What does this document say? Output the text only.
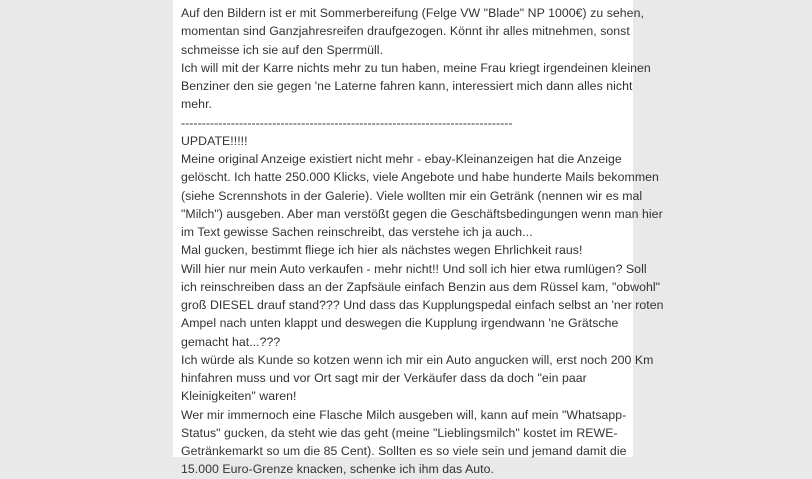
Auf den Bildern ist er mit Sommerbereifung (Felge VW "Blade" NP 1000€) zu sehen,
momentan sind Ganzjahresreifen draufgezogen. Könnt ihr alles mitnehmen, sonst
schmeisse ich sie auf den Sperrmüll.
Ich will mit der Karre nichts mehr zu tun haben, meine Frau kriegt irgendeinen kleinen
Benziner den sie gegen 'ne Laterne fahren kann, interessiert mich dann alles nicht
mehr.
--------------------------------------------------------------------------------
UPDATE!!!!!
Meine original Anzeige existiert nicht mehr - ebay-Kleinanzeigen hat die Anzeige
gelöscht. Ich hatte 250.000 Klicks, viele Angebote und habe hunderte Mails bekommen
(siehe Scrennshots in der Galerie). Viele wollten mir ein Getränk (nennen wir es mal
"Milch") ausgeben. Aber man verstößt gegen die Geschäftsbedingungen wenn man hier
im Text gewisse Sachen reinschreibt, das verstehe ich ja auch...
Mal gucken, bestimmt fliege ich hier als nächstes wegen Ehrlichkeit raus!
Will hier nur mein Auto verkaufen - mehr nicht!! Und soll ich hier etwa rumlügen? Soll
ich reinschreiben dass an der Zapfsäule einfach Benzin aus dem Rüssel kam, "obwohl"
groß DIESEL drauf stand??? Und dass das Kupplungspedal einfach selbst an 'ner roten
Ampel nach unten klappt und deswegen die Kupplung irgendwann 'ne Grätsche
gemacht hat...???
Ich würde als Kunde so kotzen wenn ich mir ein Auto angucken will, erst noch 200 Km
hinfahren muss und vor Ort sagt mir der Verkäufer dass da doch "ein paar
Kleinigkeiten" waren!
Wer mir immernoch eine Flasche Milch ausgeben will, kann auf mein "Whatsapp-
Status" gucken, da steht wie das geht (meine "Lieblingsmilch" kostet im REWE-
Getränkemarkt so um die 85 Cent). Sollten es so viele sein und jemand damit die
15.000 Euro-Grenze knacken, schenke ich ihm das Auto.
